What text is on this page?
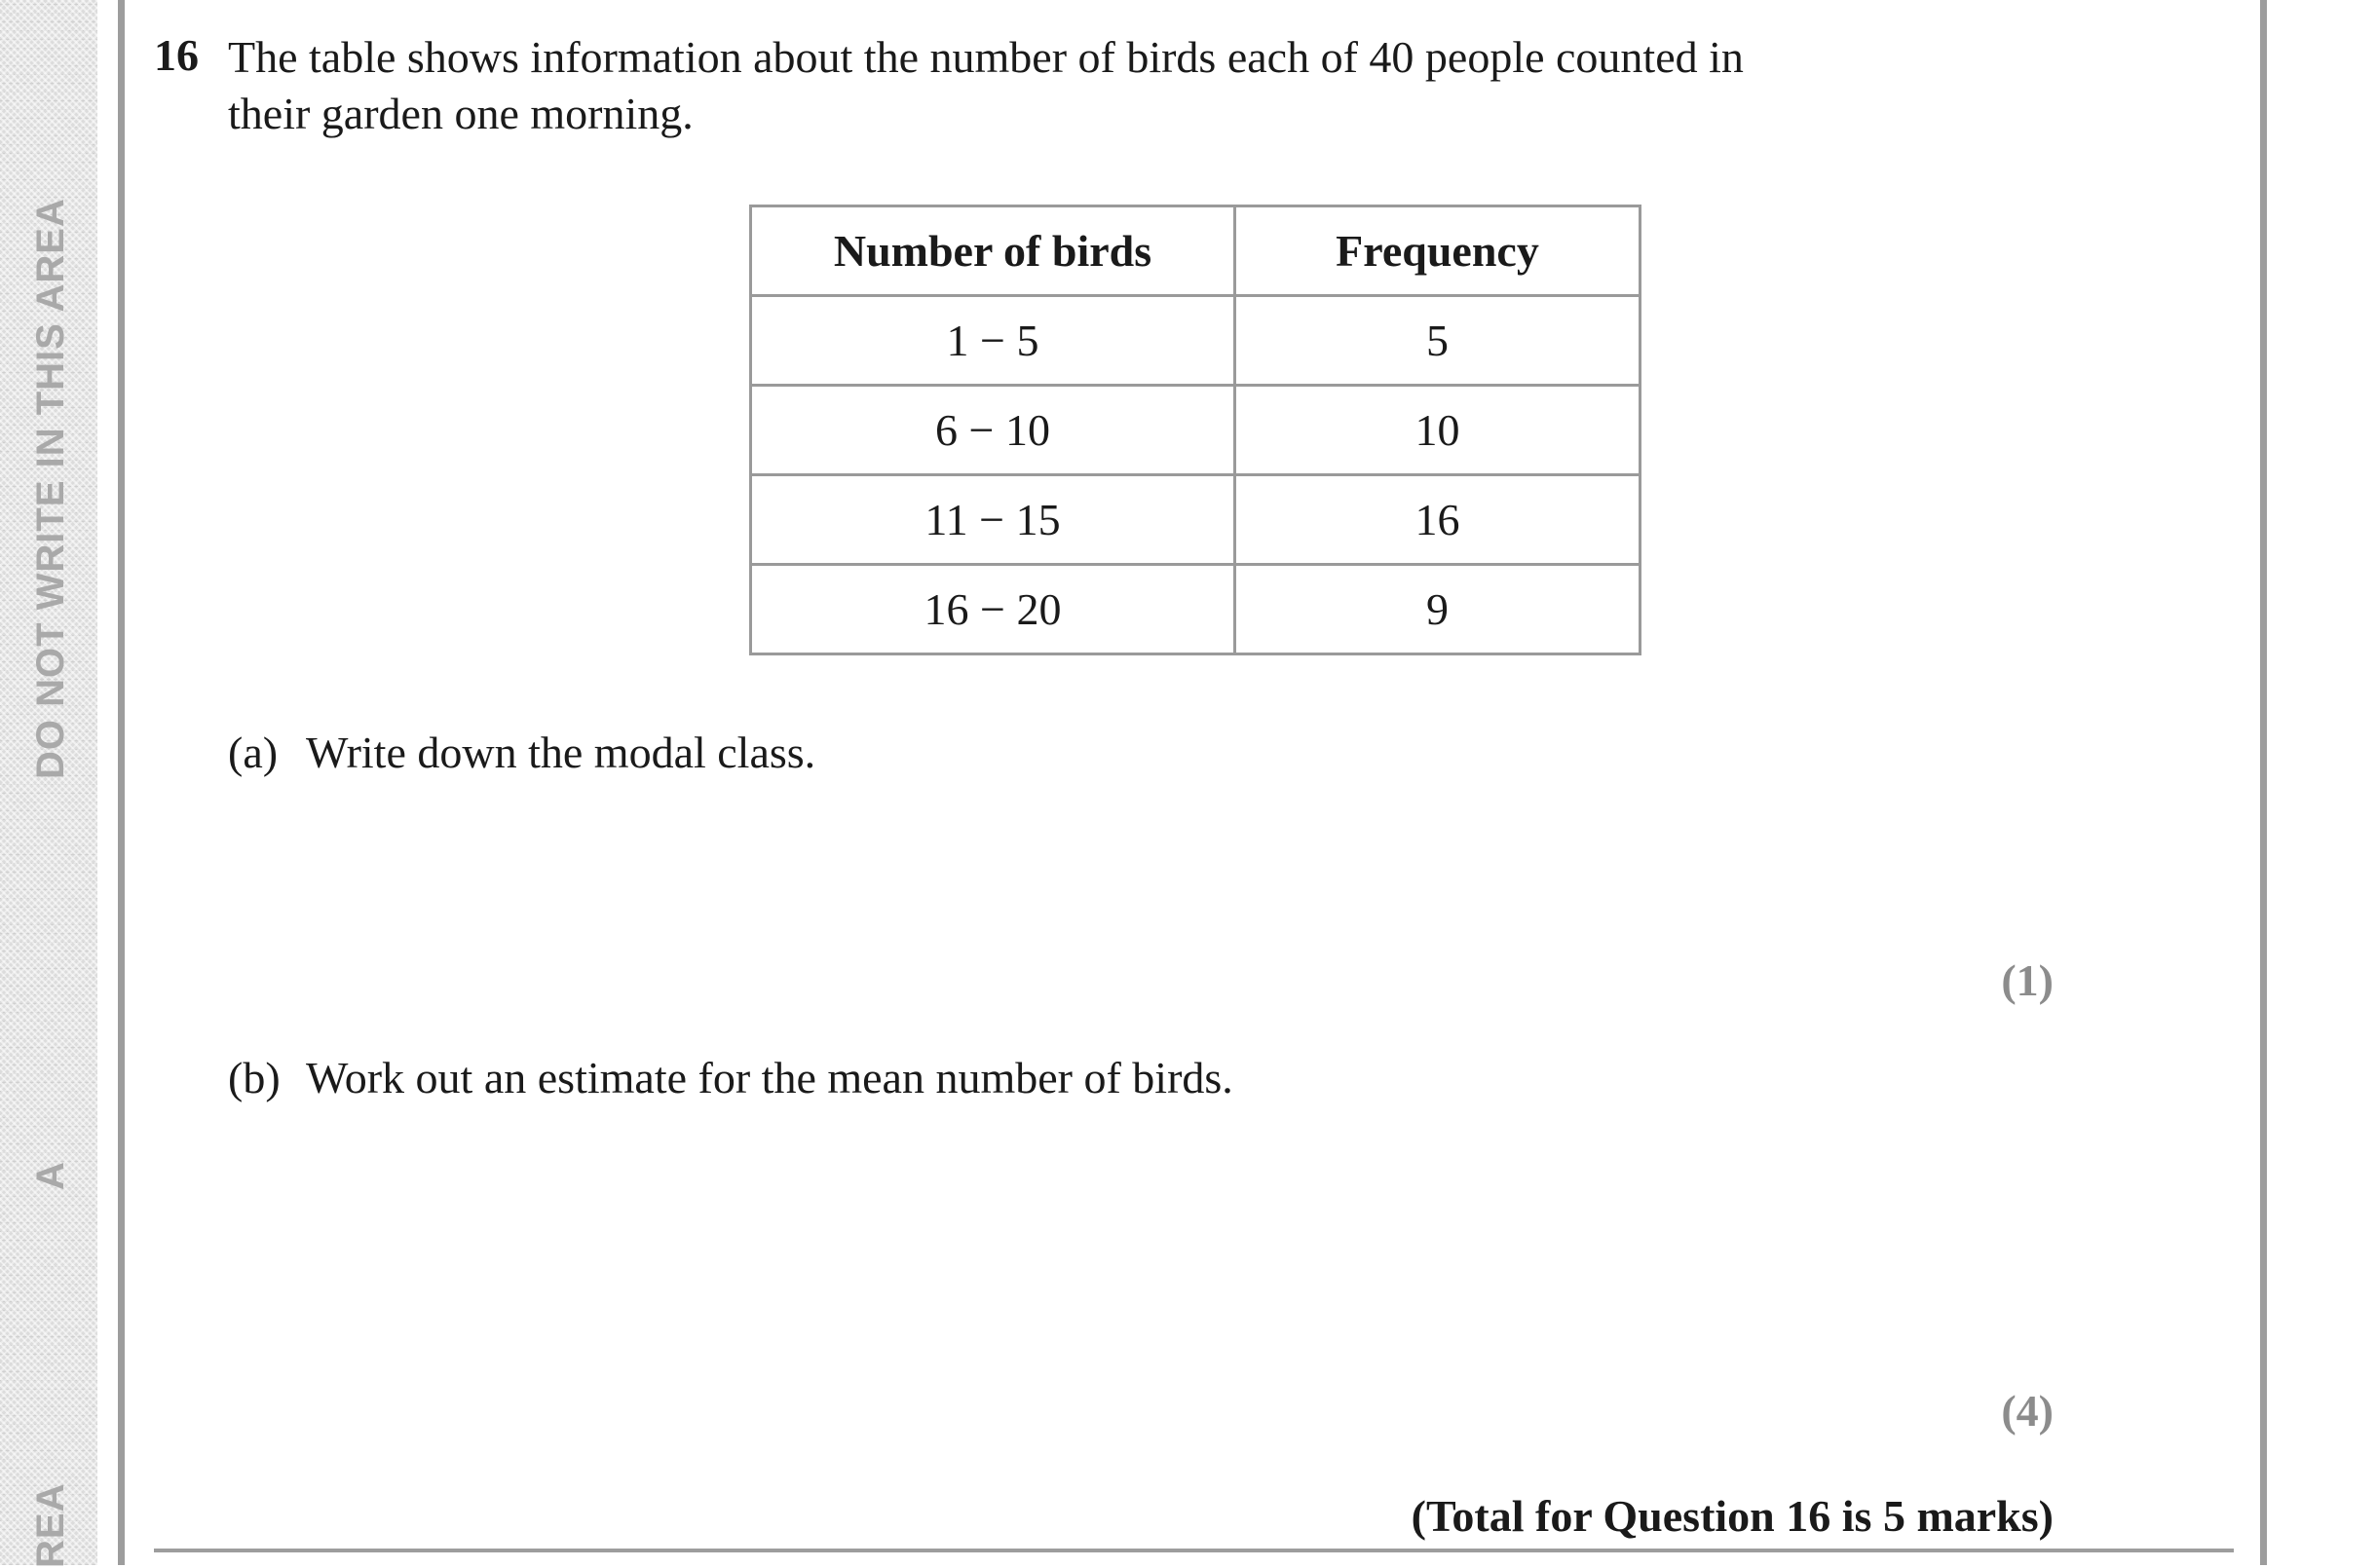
DO NOT WRITE IN THIS AREA
A
REA
16 The table shows information about the number of birds each of 40 people counted in
their garden one morning.
Number of birds	Frequency
1 − 5	5
6 − 10	10
11 − 15	16
16 − 20	9
(a) Write down the modal class.
(1)
(b) Work out an estimate for the mean number of birds.
(4)
(Total for Question 16 is 5 marks)
